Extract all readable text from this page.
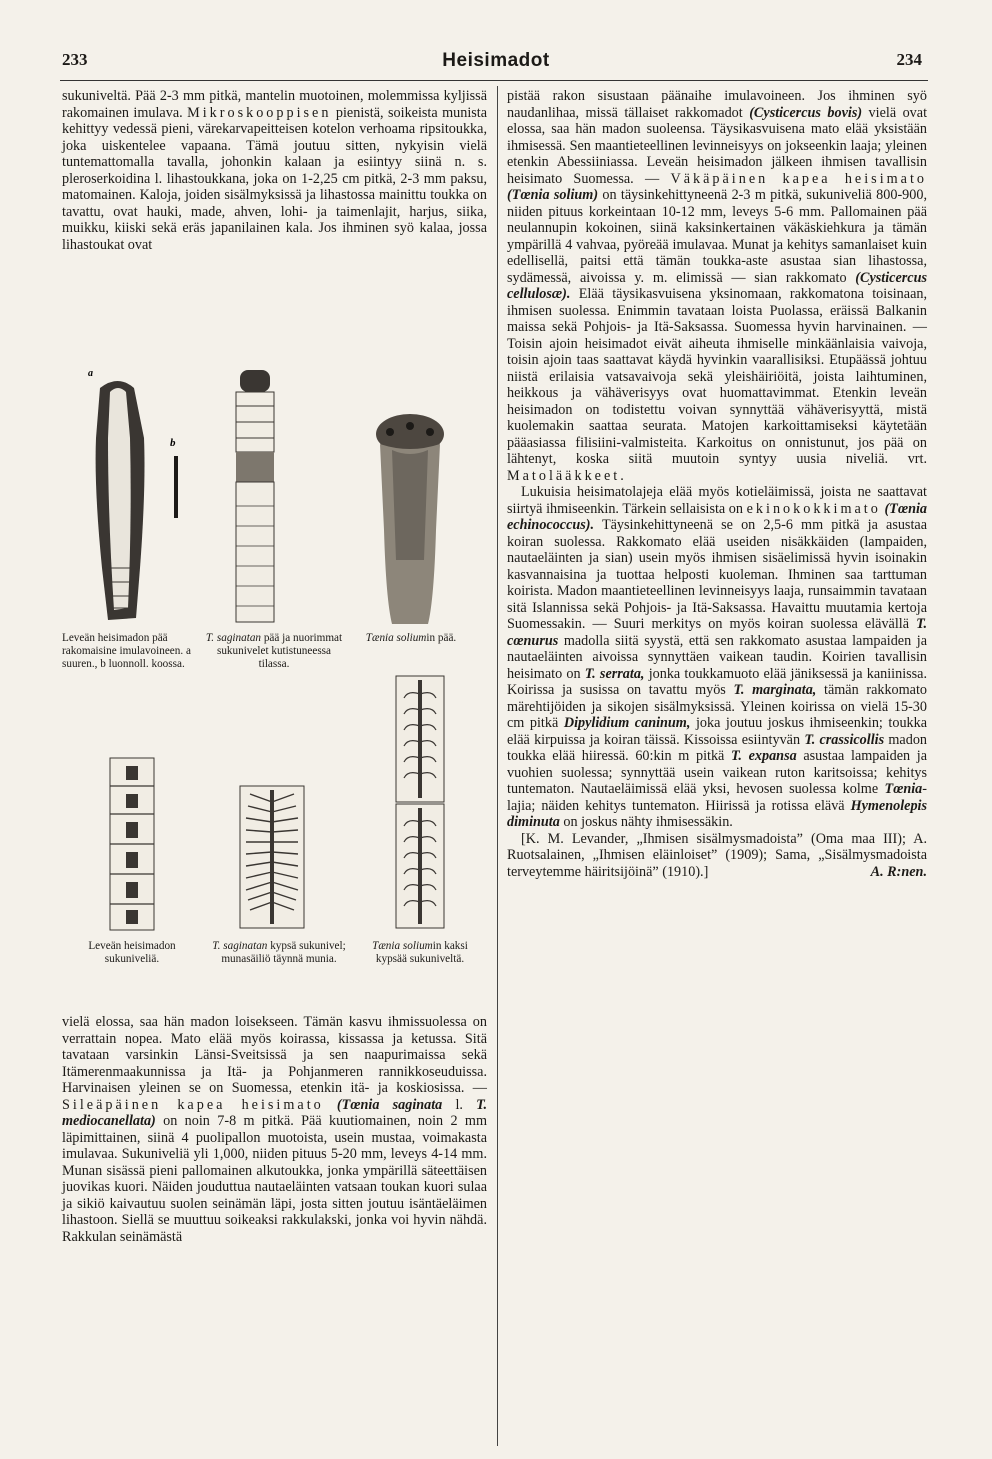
233	Heisimadot	234

sukuniveltä. Pää 2-3 mm pitkä, mantelin muotoinen, molemmissa kyljissä rakomainen imulava. Mikroskooppisen pienistä, soikeista munista kehittyy vedessä pieni, värekarvapeitteisen kotelon verhoama ripsitoukka, joka uiskentelee vapaana. Tämä joutuu sitten, nykyisin vielä tuntemattomalla tavalla, johonkin kalaan ja esiintyy siinä n. s. pleroserkoidina l. lihastoukkana, joka on 1-2,25 cm pitkä, 2-3 mm paksu, matomainen. Kaloja, joiden sisälmyksissä ja lihastossa mainittu toukka on tavattu, ovat hauki, made, ahven, lohi- ja taimenlajit, harjus, siika, muikku, kiiski sekä eräs japanilainen kala. Jos ihminen syö kalaa, jossa lihastoukat ovat

a
b
Leveän heisimadon pää rakomaisine imulavoineen. a suuren., b luonnoll. koossa.
T. saginatan pää ja nuorimmat sukunivelet kutistuneessa tilassa.
Tænia soliumin pää.
Leveän heisimadon sukuniveliä.
T. saginatan kypsä sukunivel; munasäiliö täynnä munia.
Tænia soliumin kaksi kypsää sukuniveltä.

vielä elossa, saa hän madon loisekseen. Tämän kasvu ihmissuolessa on verrattain nopea. Mato elää myös koirassa, kissassa ja ketussa. Sitä tavataan varsinkin Länsi-Sveitsissä ja sen naapurimaissa sekä Itämerenmaakunnissa ja Itä- ja Pohjanmeren rannikkoseuduissa. Harvinaisen yleinen se on Suomessa, etenkin itä- ja koskiosissa. — Sileäpäinen kapea heisimato (Tœnia saginata l. T. mediocanellata) on noin 7-8 m pitkä. Pää kuutiomainen, noin 2 mm läpimittainen, siinä 4 puolipallon muotoista, usein mustaa, voimakasta imulavaa. Sukuniveliä yli 1,000, niiden pituus 5-20 mm, leveys 4-14 mm. Munan sisässä pieni pallomainen alkutoukka, jonka ympärillä säteettäisen juovikas kuori. Näiden jouduttua nautaeläinten vatsaan toukan kuori sulaa ja sikiö kaivautuu suolen seinämän läpi, josta sitten joutuu isäntäeläimen lihastoon. Siellä se muuttuu soikeaksi rakkulakski, jonka voi hyvin nähdä. Rakkulan seinämästä

pistää rakon sisustaan päänaihe imulavoineen. Jos ihminen syö naudanlihaa, missä tällaiset rakkomadot (Cysticercus bovis) vielä ovat elossa, saa hän madon suoleensa. Täysikasvuisena mato elää yksistään ihmisessä. Sen maantieteellinen levinneisyys on jokseenkin laaja; yleinen etenkin Abessiiniassa. Leveän heisimadon jälkeen ihmisen tavallisin heisimato Suomessa. — Väkäpäinen kapea heisimato (Tœnia solium) on täysinkehittyneenä 2-3 m pitkä, sukuniveliä 800-900, niiden pituus korkeintaan 10-12 mm, leveys 5-6 mm. Pallomainen pää neulannupin kokoinen, siinä kaksinkertainen väkäskiehkura ja tämän ympärillä 4 vahvaa, pyöreää imulavaa. Munat ja kehitys samanlaiset kuin edellisellä, paitsi että tämän toukka-aste asustaa sian lihastossa, sydämessä, aivoissa y. m. elimissä — sian rakkomato (Cysticercus cellulosæ). Elää täysikasvuisena yksinomaan, rakkomatona toisinaan, ihmisen suolessa. Enimmin tavataan loista Puolassa, eräissä Balkanin maissa sekä Pohjois- ja Itä-Saksassa. Suomessa hyvin harvinainen. — Toisin ajoin heisimadot eivät aiheuta ihmiselle minkäänlaisia vaivoja, toisin ajoin taas saattavat käydä hyvinkin vaarallisiksi. Etupäässä johtuu niistä erilaisia vatsavaivoja sekä yleishäiriöitä, joista laihtuminen, heikkous ja vähäverisyys ovat huomattavimmat. Etenkin leveän heisimadon on todistettu voivan synnyttää vähäverisyyttä, mistä kuolemakin saattaa seurata. Matojen karkoittamiseksi käytetään pääasiassa filisiini-valmisteita. Karkoitus on onnistunut, jos pää on lähtenyt, koska siitä muutoin syntyy uusia niveliä. vrt. Matolääkkeet.

Lukuisia heisimatolajeja elää myös kotieläimissä, joista ne saattavat siirtyä ihmiseenkin. Tärkein sellaisista on ekinokokkimato (Tœnia echinococcus). Täysinkehittyneenä se on 2,5-6 mm pitkä ja asustaa koiran suolessa. Rakkomato elää useiden nisäkkäiden (lampaiden, nautaeläinten ja sian) usein myös ihmisen sisäelimissä hyvin isoinakin kasvannaisina ja tuottaa helposti kuoleman. Ihminen saa tarttuman koirista. Madon maantieteellinen levinneisyys laaja, runsaimmin tavataan sitä Islannissa sekä Pohjois- ja Itä-Saksassa. Havaittu muutamia kertoja Suomessakin. — Suuri merkitys on myös koiran suolessa elävällä T. cœnurus madolla siitä syystä, että sen rakkomato asustaa lampaiden ja nautaeläinten aivoissa synnyttäen vaikean taudin. Koirien tavallisin heisimato on T. serrata, jonka toukkamuoto elää jäniksessä ja kaniinissa. Koirissa ja susissa on tavattu myös T. marginata, tämän rakkomato märehtijöiden ja sikojen sisälmyksissä. Yleinen koirissa on vielä 15-30 cm pitkä Dipylidium caninum, joka joutuu joskus ihmiseenkin; toukka elää kirpuissa ja koiran täissä. Kissoissa esiintyvän T. crassicollis madon toukka elää hiiressä. 60:kin m pitkä T. expansa asustaa lampaiden ja vuohien suolessa; synnyttää usein vaikean ruton karitsoissa; kehitys tuntematon. Nautaeläimissä elää yksi, hevosen suolessa kolme Tœnia-lajia; näiden kehitys tuntematon. Hiirissä ja rotissa elävä Hymenolepis diminuta on joskus nähty ihmisessäkin.

[K. M. Levander, „Ihmisen sisälmysmadoista” (Oma maa III); A. Ruotsalainen, „Ihmisen eläinloiset” (1909); Sama, „Sisälmysmadoista terveytemme häiritsijöinä” (1910).]	A. R:nen.
